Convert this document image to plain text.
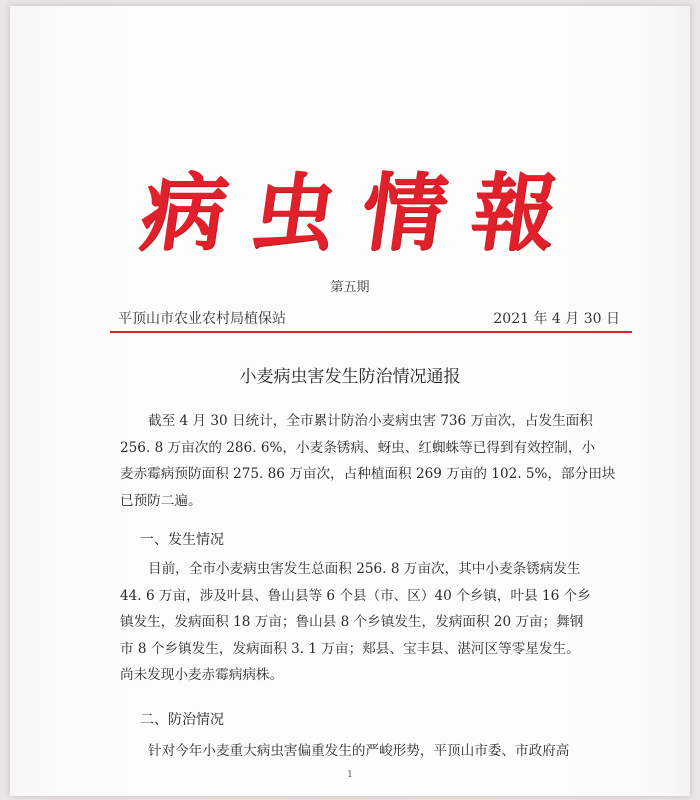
病虫情報
第五期
平顶山市农业农村局植保站	2021 年 4 月 30 日
小麦病虫害发生防治情况通报
截至 4 月 30 日统计，全市累计防治小麦病虫害 736 万亩次，占发生面积
256. 8 万亩次的 286. 6%，小麦条锈病、蚜虫、红蜘蛛等已得到有效控制，小
麦赤霉病预防面积 275. 86 万亩次，占种植面积 269 万亩的 102. 5%，部分田块
已预防二遍。
一、发生情况
目前，全市小麦病虫害发生总面积 256. 8 万亩次，其中小麦条锈病发生
44. 6 万亩，涉及叶县、鲁山县等 6 个县（市、区）40 个乡镇，叶县 16 个乡
镇发生，发病面积 18 万亩；鲁山县 8 个乡镇发生，发病面积 20 万亩；舞钢
市 8 个乡镇发生，发病面积 3. 1 万亩；郏县、宝丰县、湛河区等零星发生。
尚未发现小麦赤霉病病株。
二、防治情况
针对今年小麦重大病虫害偏重发生的严峻形势，平顶山市委、市政府高
1
